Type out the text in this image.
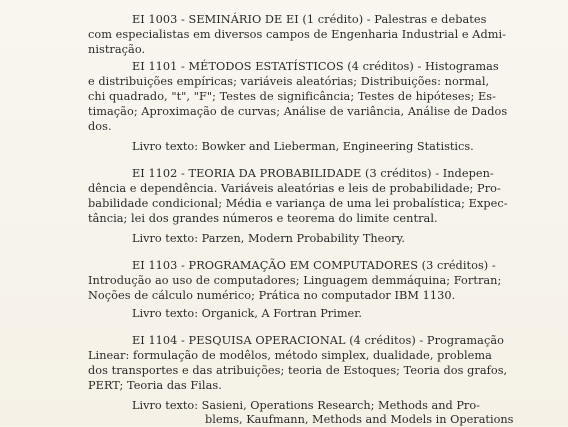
EI 1003 - SEMINÁRIO DE EI (1 crédito) - Palestras e debates
com especialistas em diversos campos de Engenharia Industrial e Admi-
nistração.
EI 1101 - MÉTODOS ESTATÍSTICOS (4 créditos) - Histogramas
e distribuições empíricas; variáveis aleatórias; Distribuições: normal,
chi quadrado, "t", "F"; Testes de significância; Testes de hipóteses; Es-
timação; Aproximação de curvas; Análise de variância, Análise de Dados
dos.
Livro texto: Bowker and Lieberman, Engineering Statistics.
EI 1102 - TEORIA DA PROBABILIDADE (3 créditos) - Indepen-
dência e dependência. Variáveis aleatórias e leis de probabilidade; Pro-
babilidade condicional; Média e variança de uma lei probalística; Expec-
tância; lei dos grandes números e teorema do limite central.
Livro texto: Parzen, Modern Probability Theory.
EI 1103 - PROGRAMAÇÃO EM COMPUTADORES (3 créditos) -
Introdução ao uso de computadores; Linguagem demmáquina; Fortran;
Noções de cálculo numérico; Prática no computador IBM 1130.
Livro texto: Organick, A Fortran Primer.
EI 1104 - PESQUISA OPERACIONAL (4 créditos) - Programação
Linear: formulação de modêlos, método simplex, dualidade, problema
dos transportes e das atribuições; teoria de Estoques; Teoria dos grafos,
PERT; Teoria das Filas.
Livro texto: Sasieni, Operations Research; Methods and Pro-
blems, Kaufmann, Methods and Models in Operations
